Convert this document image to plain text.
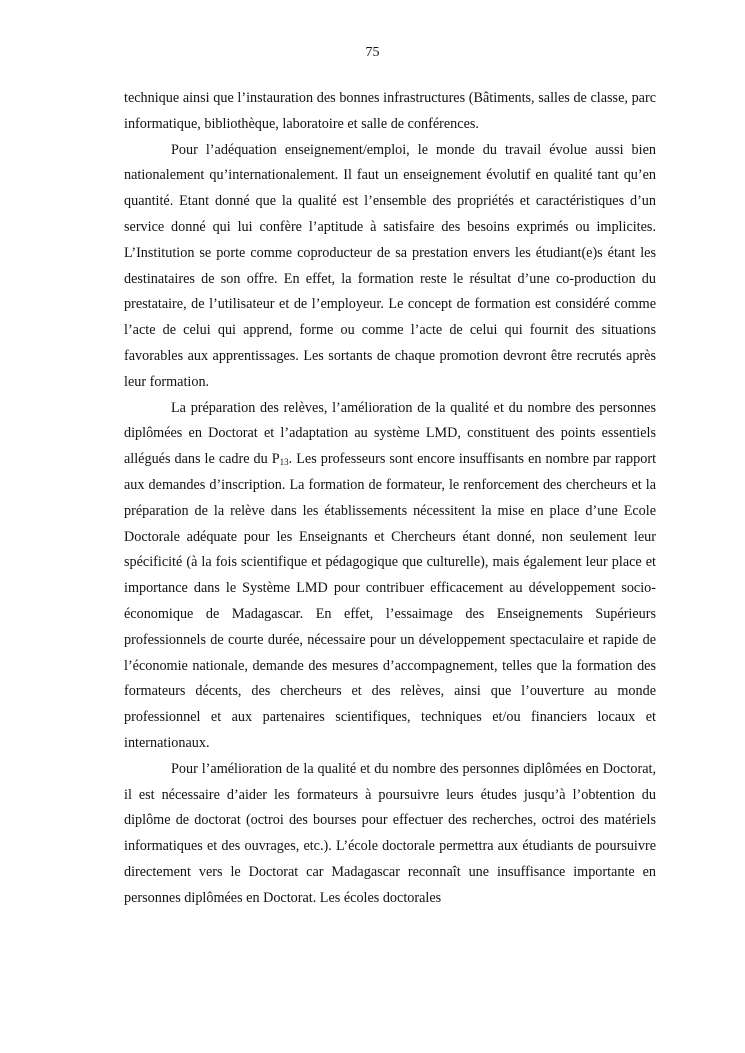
75

technique ainsi que l’instauration des bonnes infrastructures (Bâtiments, salles de classe, parc informatique, bibliothèque, laboratoire et salle de conférences.

Pour l’adéquation enseignement/emploi, le monde du travail évolue aussi bien nationalement qu’internationalement. Il faut un enseignement évolutif en qualité tant qu’en quantité. Etant donné que la qualité est l’ensemble des propriétés et caractéristiques d’un service donné qui lui confère l’aptitude à satisfaire des besoins exprimés ou implicites. L’Institution se porte comme coproducteur de sa prestation envers les étudiant(e)s étant les destinataires de son offre. En effet, la formation reste le résultat d’une co-production du prestataire, de l’utilisateur et de l’employeur. Le concept de formation est considéré comme l’acte de celui qui apprend, forme ou comme l’acte de celui qui fournit des situations favorables aux apprentissages. Les sortants de chaque promotion devront être recrutés après leur formation.

La préparation des relèves, l’amélioration de la qualité et du nombre des personnes diplômées en Doctorat et l’adaptation au système LMD, constituent des points essentiels allégués dans le cadre du $P_{13}$. Les professeurs sont encore insuffisants en nombre par rapport aux demandes d’inscription. La formation de formateur, le renforcement des chercheurs et la préparation de la relève dans les établissements nécessitent la mise en place d’une Ecole Doctorale adéquate pour les Enseignants et Chercheurs étant donné, non seulement leur spécificité (à la fois scientifique et pédagogique que culturelle), mais également leur place et importance dans le Système LMD pour contribuer efficacement au développement socio-économique de Madagascar. En effet, l’essaimage des Enseignements Supérieurs professionnels de courte durée, nécessaire pour un développement spectaculaire et rapide de l’économie nationale, demande des mesures d’accompagnement, telles que la formation des formateurs décents, des chercheurs et des relèves, ainsi que l’ouverture au monde professionnel et aux partenaires scientifiques, techniques et/ou financiers locaux et internationaux.

Pour l’amélioration de la qualité et du nombre des personnes diplômées en Doctorat, il est nécessaire d’aider les formateurs à poursuivre leurs études jusqu’à l’obtention du diplôme de doctorat (octroi des bourses pour effectuer des recherches, octroi des matériels informatiques et des ouvrages, etc.). L’école doctorale permettra aux étudiants de poursuivre directement vers le Doctorat car Madagascar reconnaît une insuffisance importante en personnes diplômées en Doctorat. Les écoles doctorales
